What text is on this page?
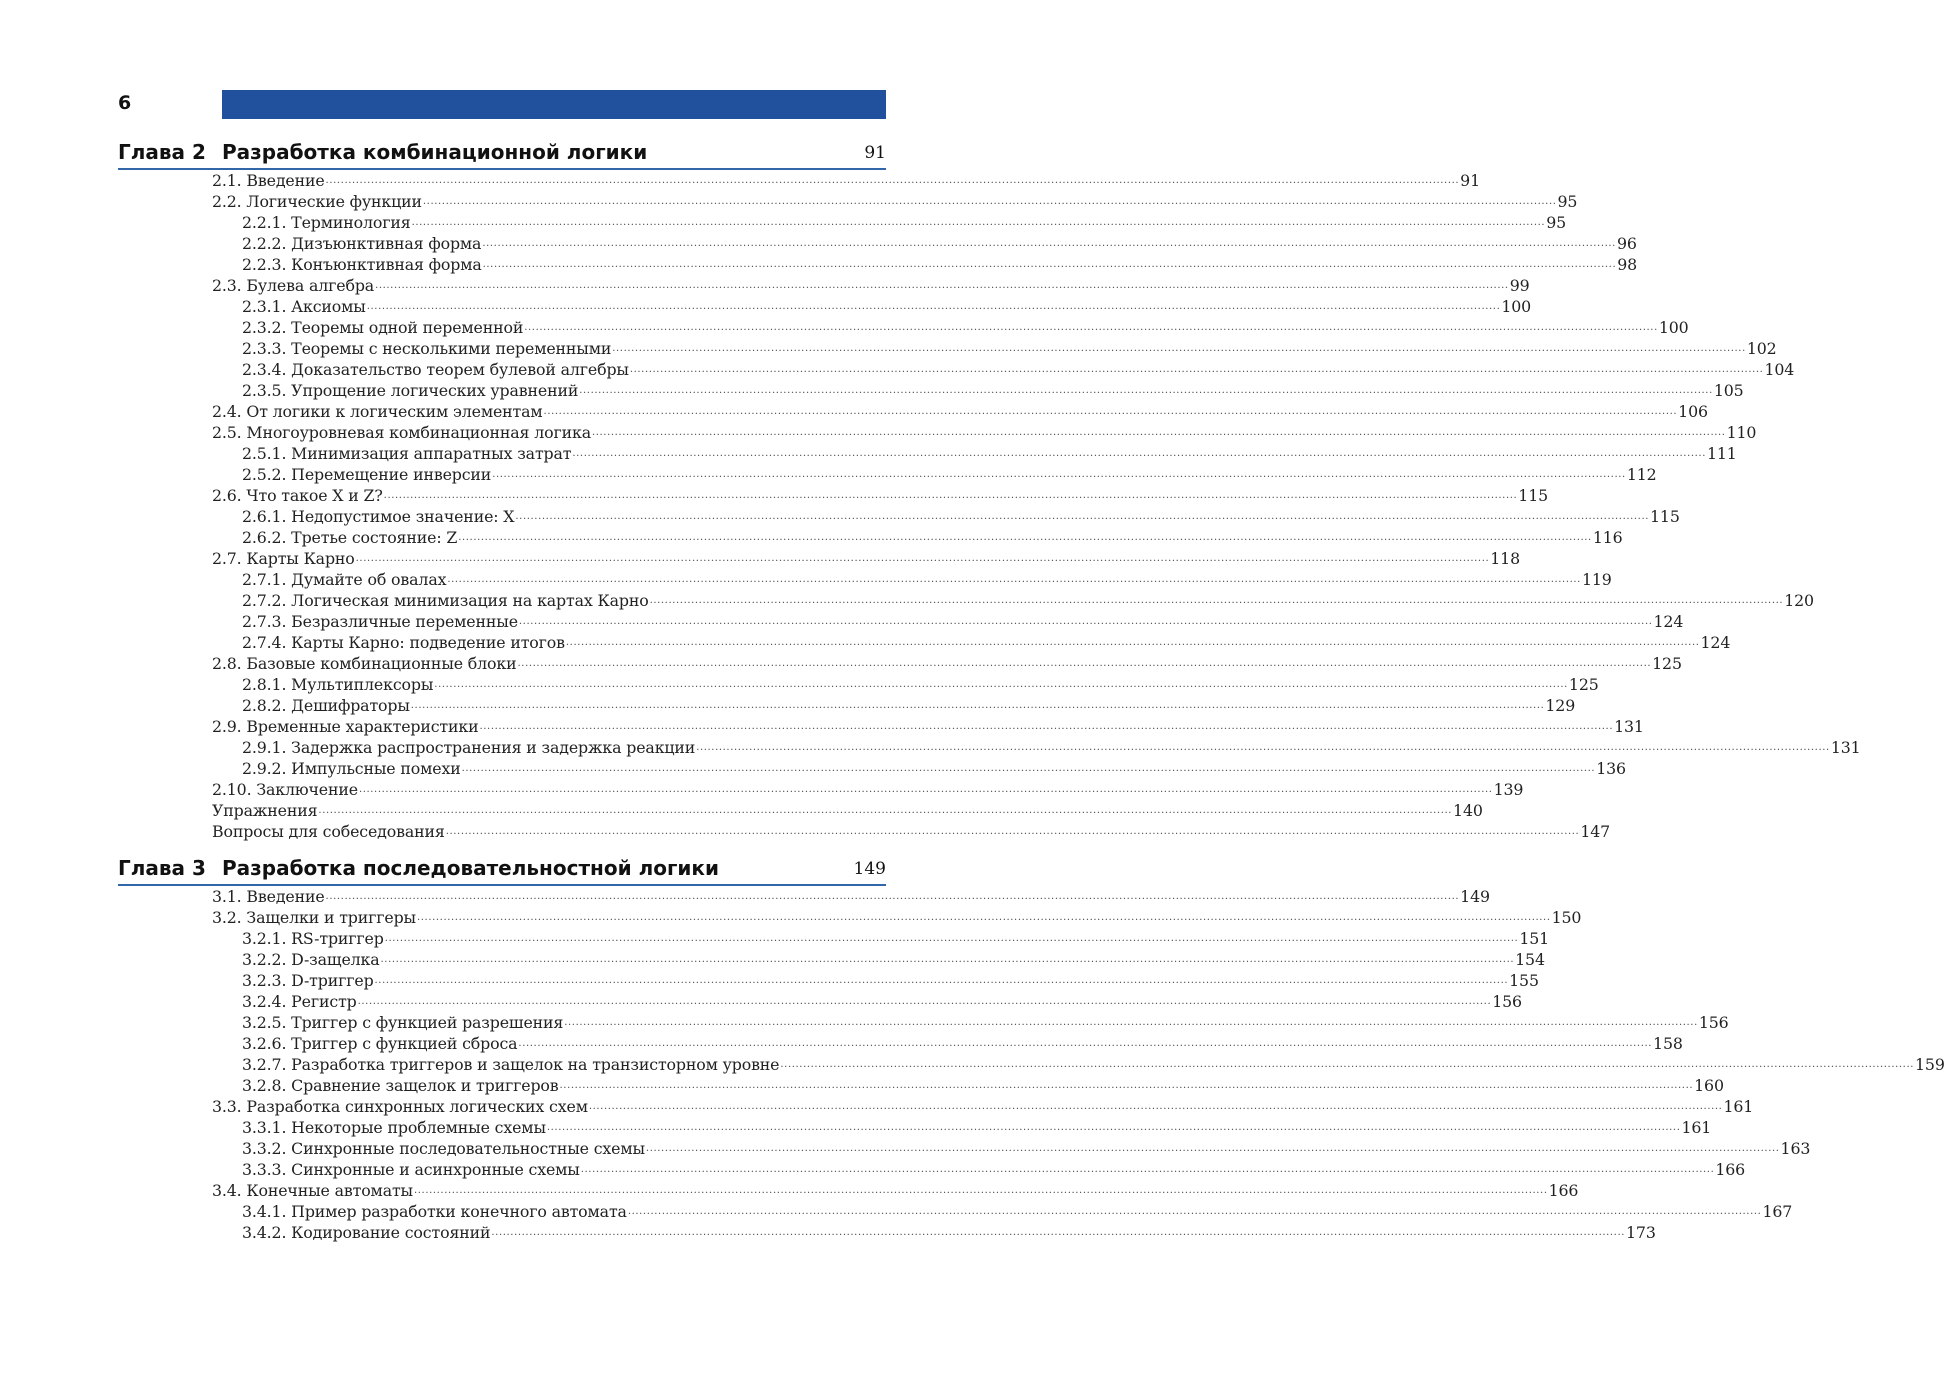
6
Глава 2 Разработка комбинационной логики	91
2.1. Введение ............................................................................................................................................................................................................................................................................................................ 91
2.2. Логические функции ............................................................................................................................................................................................................................................................................................................ 95
2.2.1. Терминология ............................................................................................................................................................................................................................................................................................................ 95
2.2.2. Дизъюнктивная форма ............................................................................................................................................................................................................................................................................................................ 96
2.2.3. Конъюнктивная форма ............................................................................................................................................................................................................................................................................................................ 98
2.3. Булева алгебра ............................................................................................................................................................................................................................................................................................................ 99
2.3.1. Аксиомы ............................................................................................................................................................................................................................................................................................................ 100
2.3.2. Теоремы одной переменной ............................................................................................................................................................................................................................................................................................................ 100
2.3.3. Теоремы с несколькими переменными ............................................................................................................................................................................................................................................................................................................ 102
2.3.4. Доказательство теорем булевой алгебры ............................................................................................................................................................................................................................................................................................................ 104
2.3.5. Упрощение логических уравнений ............................................................................................................................................................................................................................................................................................................ 105
2.4. От логики к логическим элементам ............................................................................................................................................................................................................................................................................................................ 106
2.5. Многоуровневая комбинационная логика ............................................................................................................................................................................................................................................................................................................ 110
2.5.1. Минимизация аппаратных затрат ............................................................................................................................................................................................................................................................................................................ 111
2.5.2. Перемещение инверсии ............................................................................................................................................................................................................................................................................................................ 112
2.6. Что такое X и Z? ............................................................................................................................................................................................................................................................................................................ 115
2.6.1. Недопустимое значение: X ............................................................................................................................................................................................................................................................................................................ 115
2.6.2. Третье состояние: Z ............................................................................................................................................................................................................................................................................................................ 116
2.7. Карты Карно ............................................................................................................................................................................................................................................................................................................ 118
2.7.1. Думайте об овалах ............................................................................................................................................................................................................................................................................................................ 119
2.7.2. Логическая минимизация на картах Карно ............................................................................................................................................................................................................................................................................................................ 120
2.7.3. Безразличные переменные ............................................................................................................................................................................................................................................................................................................ 124
2.7.4. Карты Карно: подведение итогов ............................................................................................................................................................................................................................................................................................................ 124
2.8. Базовые комбинационные блоки ............................................................................................................................................................................................................................................................................................................ 125
2.8.1. Мультиплексоры ............................................................................................................................................................................................................................................................................................................ 125
2.8.2. Дешифраторы ............................................................................................................................................................................................................................................................................................................ 129
2.9. Временные характеристики ............................................................................................................................................................................................................................................................................................................ 131
2.9.1. Задержка распространения и задержка реакции ............................................................................................................................................................................................................................................................................................................ 131
2.9.2. Импульсные помехи ............................................................................................................................................................................................................................................................................................................ 136
2.10. Заключение ............................................................................................................................................................................................................................................................................................................ 139
Упражнения ............................................................................................................................................................................................................................................................................................................ 140
Вопросы для собеседования ............................................................................................................................................................................................................................................................................................................ 147
Глава 3 Разработка последовательностной логики	149
3.1. Введение ............................................................................................................................................................................................................................................................................................................ 149
3.2. Защелки и триггеры ............................................................................................................................................................................................................................................................................................................ 150
3.2.1. RS-триггер ............................................................................................................................................................................................................................................................................................................ 151
3.2.2. D-защелка ............................................................................................................................................................................................................................................................................................................ 154
3.2.3. D-триггер ............................................................................................................................................................................................................................................................................................................ 155
3.2.4. Регистр ............................................................................................................................................................................................................................................................................................................ 156
3.2.5. Триггер с функцией разрешения ............................................................................................................................................................................................................................................................................................................ 156
3.2.6. Триггер с функцией сброса ............................................................................................................................................................................................................................................................................................................ 158
3.2.7. Разработка триггеров и защелок на транзисторном уровне ............................................................................................................................................................................................................................................................................................................ 159
3.2.8. Сравнение защелок и триггеров ............................................................................................................................................................................................................................................................................................................ 160
3.3. Разработка синхронных логических схем ............................................................................................................................................................................................................................................................................................................ 161
3.3.1. Некоторые проблемные схемы ............................................................................................................................................................................................................................................................................................................ 161
3.3.2. Синхронные последовательностные схемы ............................................................................................................................................................................................................................................................................................................ 163
3.3.3. Синхронные и асинхронные схемы ............................................................................................................................................................................................................................................................................................................ 166
3.4. Конечные автоматы ............................................................................................................................................................................................................................................................................................................ 166
3.4.1. Пример разработки конечного автомата ............................................................................................................................................................................................................................................................................................................ 167
3.4.2. Кодирование состояний ............................................................................................................................................................................................................................................................................................................ 173
